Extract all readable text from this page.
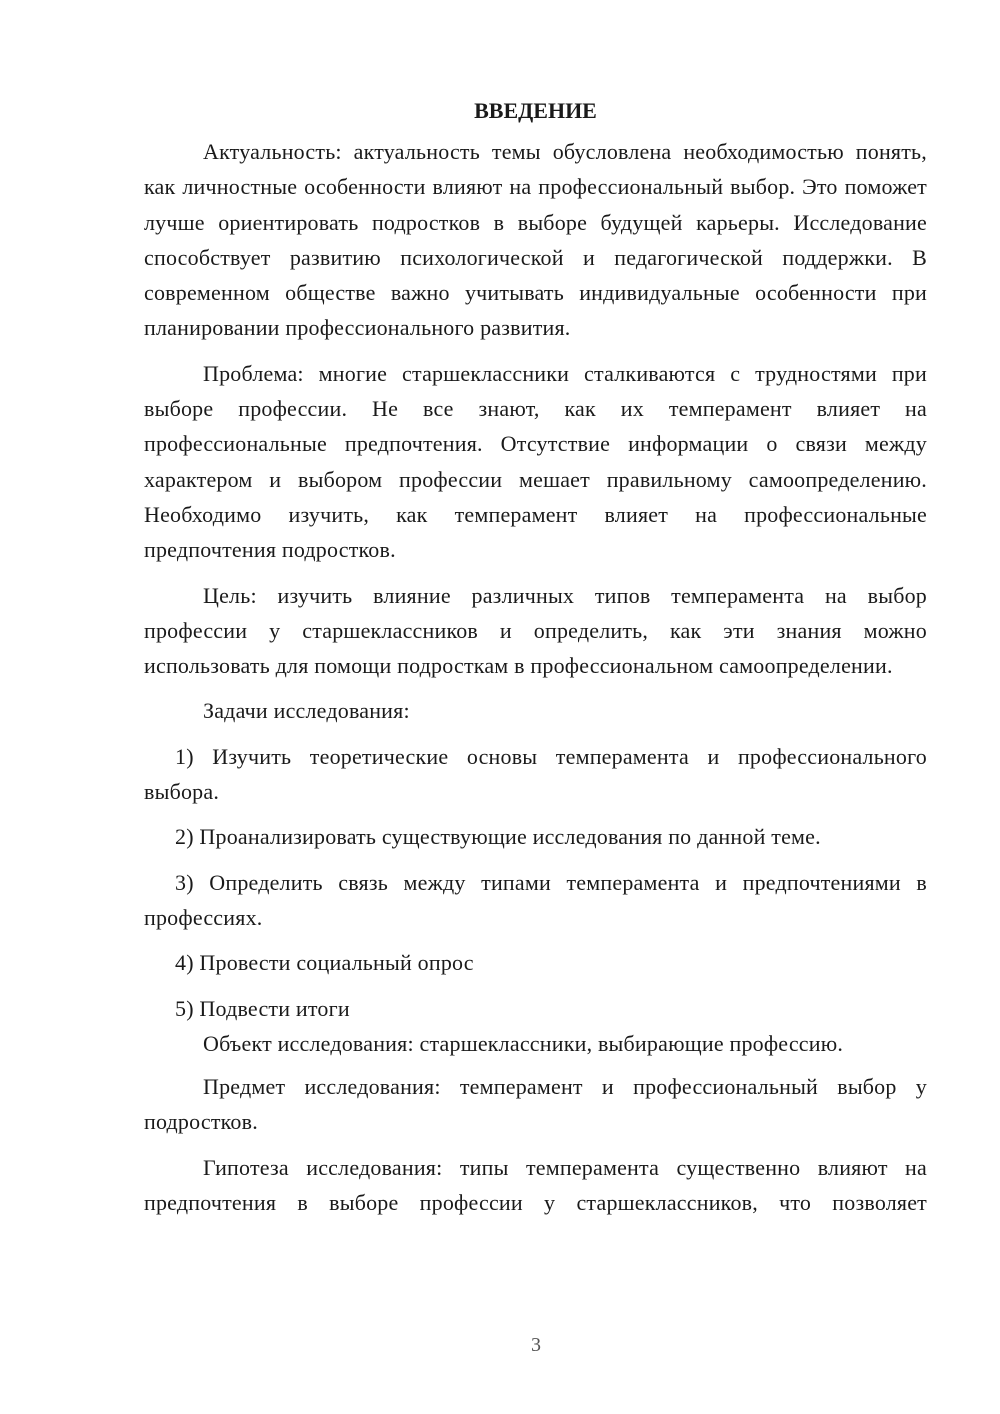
ВВЕДЕНИЕ

Актуальность: актуальность темы обусловлена необходимостью понять, как личностные особенности влияют на профессиональный выбор. Это поможет лучше ориентировать подростков в выборе будущей карьеры. Исследование способствует развитию психологической и педагогической поддержки. В современном обществе важно учитывать индивидуальные особенности при планировании профессионального развития.

Проблема: многие старшеклассники сталкиваются с трудностями при выборе профессии. Не все знают, как их темперамент влияет на профессиональные предпочтения. Отсутствие информации о связи между характером и выбором профессии мешает правильному самоопределению. Необходимо изучить, как темперамент влияет на профессиональные предпочтения подростков.

Цель: изучить влияние различных типов темперамента на выбор профессии у старшеклассников и определить, как эти знания можно использовать для помощи подросткам в профессиональном самоопределении.

Задачи исследования:

1) Изучить теоретические основы темперамента и профессионального выбора.

2) Проанализировать существующие исследования по данной теме.

3) Определить связь между типами темперамента и предпочтениями в профессиях.

4) Провести социальный опрос

5) Подвести итоги

Объект исследования: старшеклассники, выбирающие профессию.

Предмет исследования: темперамент и профессиональный выбор у подростков.

Гипотеза исследования: типы темперамента существенно влияют на предпочтения в выборе профессии у старшеклассников, что позволяет

3
